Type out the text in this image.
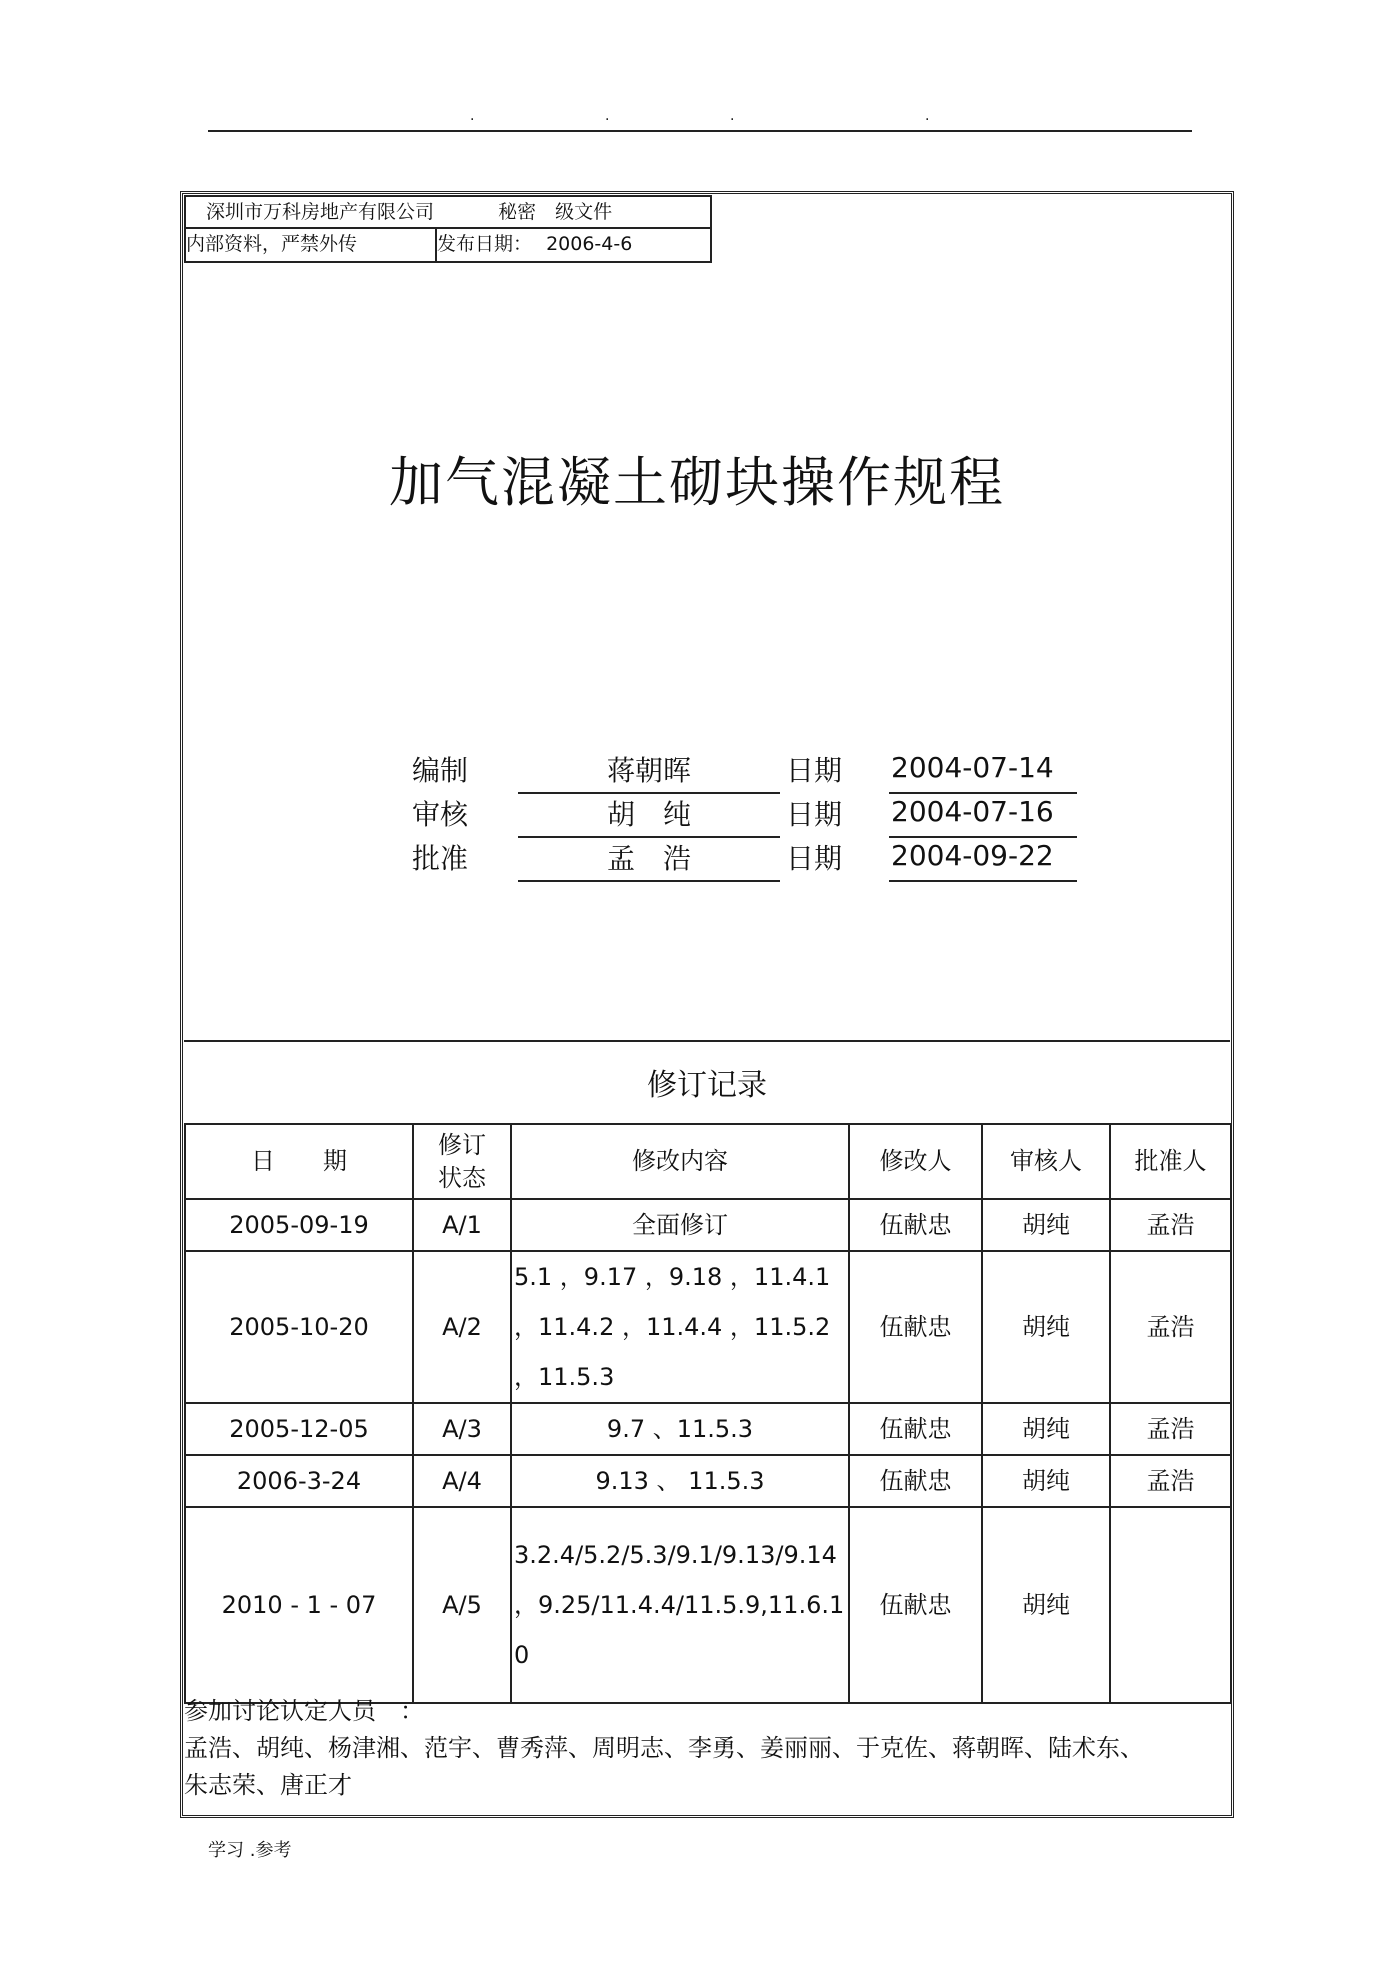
.	.	.	.
深圳市万科房地产有限公司	秘密　级文件
内部资料，严禁外传	发布日期： 2006-4-6
加气混凝土砌块操作规程
编制	蒋朝晖	日期 2004-07-14
审核	胡　纯	日期 2004-07-16
批准	孟　浩	日期 2004-09-22
修订记录
日　　期	修订状态	修改内容	修改人	审核人	批准人
2005-09-19	A/1	全面修订	伍献忠	胡纯	孟浩
2005-10-20	A/2	5.1 ，9.17 ，9.18 ，11.4.1 ，11.4.2 ，11.4.4 ，11.5.2 ，11.5.3	伍献忠	胡纯	孟浩
2005-12-05	A/3	9.7 、11.5.3	伍献忠	胡纯	孟浩
2006-3-24	A/4	9.13 、 11.5.3	伍献忠	胡纯	孟浩
2010 - 1 - 07	A/5	3.2.4/5.2/5.3/9.1/9.13/9.14 ，9.25/11.4.4/11.5.9,11.6.10	伍献忠	胡纯	
参加讨论认定人员　：
孟浩、胡纯、杨津湘、范宇、曹秀萍、周明志、李勇、姜丽丽、于克佐、蒋朝晖、陆术东、朱志荣、唐正才
学习 .参考
